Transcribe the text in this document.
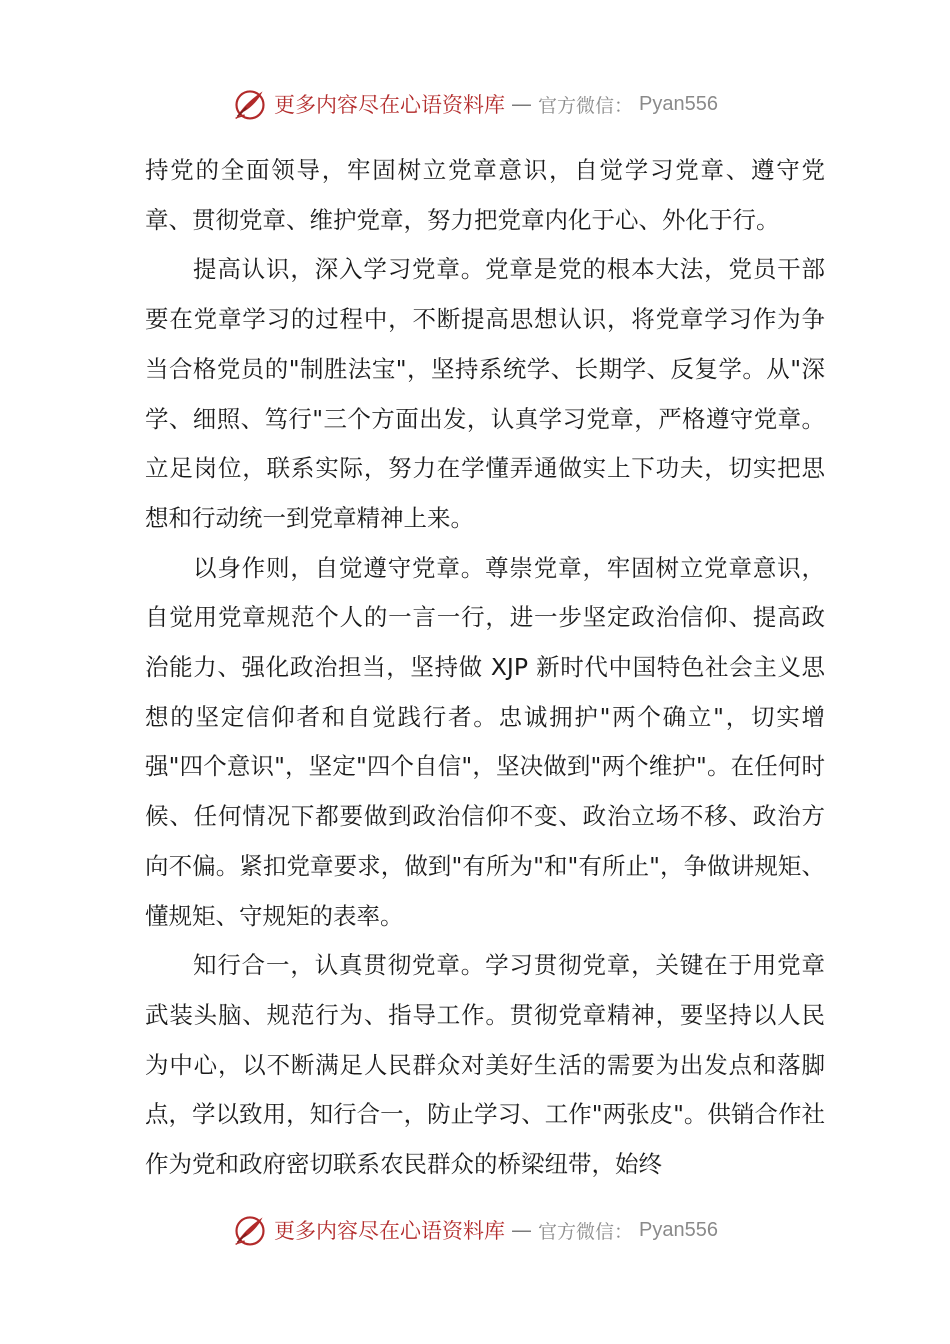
更多内容尽在心语资料库 — 官方微信： Pyan556

持党的全面领导，牢固树立党章意识，自觉学习党章、遵守党章、贯彻党章、维护党章，努力把党章内化于心、外化于行。

提高认识，深入学习党章。党章是党的根本大法，党员干部要在党章学习的过程中，不断提高思想认识，将党章学习作为争当合格党员的"制胜法宝"，坚持系统学、长期学、反复学。从"深学、细照、笃行"三个方面出发，认真学习党章，严格遵守党章。立足岗位，联系实际，努力在学懂弄通做实上下功夫，切实把思想和行动统一到党章精神上来。

以身作则，自觉遵守党章。尊崇党章，牢固树立党章意识，自觉用党章规范个人的一言一行，进一步坚定政治信仰、提高政治能力、强化政治担当，坚持做 XJP 新时代中国特色社会主义思想的坚定信仰者和自觉践行者。忠诚拥护"两个确立"，切实增强"四个意识"，坚定"四个自信"，坚决做到"两个维护"。在任何时候、任何情况下都要做到政治信仰不变、政治立场不移、政治方向不偏。紧扣党章要求，做到"有所为"和"有所止"，争做讲规矩、懂规矩、守规矩的表率。

知行合一，认真贯彻党章。学习贯彻党章，关键在于用党章武装头脑、规范行为、指导工作。贯彻党章精神，要坚持以人民为中心，以不断满足人民群众对美好生活的需要为出发点和落脚点，学以致用，知行合一，防止学习、工作"两张皮"。供销合作社作为党和政府密切联系农民群众的桥梁纽带，始终

更多内容尽在心语资料库 — 官方微信： Pyan556
